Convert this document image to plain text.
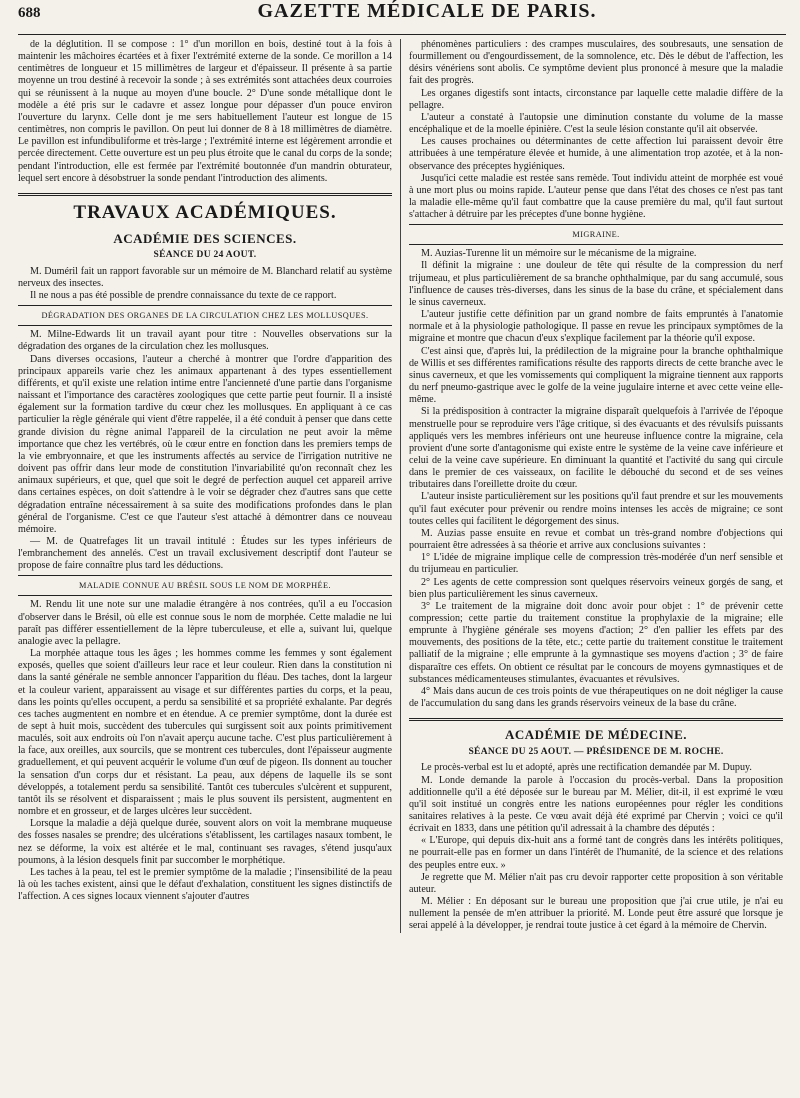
688	GAZETTE MÉDICALE DE PARIS.

de la déglutition. Il se compose : 1° d'un morillon en bois, destiné tout à la fois à maintenir les mâchoires écartées et à fixer l'extrémité externe de la sonde. Ce morillon a 14 centimètres de longueur et 15 millimètres de largeur et d'épaisseur. Il présente à sa partie moyenne un trou destiné à recevoir la sonde ; à ses extrémités sont attachées deux courroies qui se réunissent à la nuque au moyen d'une boucle. 2° D'une sonde métallique dont le modèle a été pris sur le cadavre et assez longue pour dépasser d'un pouce environ l'ouverture du larynx. Celle dont je me sers habituellement l'auteur est longue de 15 centimètres, non compris le pavillon. On peut lui donner de 8 à 18 millimètres de diamètre. Le pavillon est infundibuliforme et très-large ; l'extrémité interne est légèrement arrondie et percée directement. Cette ouverture est un peu plus étroite que le canal du corps de la sonde; pendant l'introduction, elle est fermée par l'extrémité boutonnée d'un mandrin obturateur, lequel sert encore à désobstruer la sonde pendant l'introduction des aliments.

TRAVAUX ACADÉMIQUES.
ACADÉMIE DES SCIENCES.
SÉANCE DU 24 AOUT.

M. Duméril fait un rapport favorable sur un mémoire de M. Blanchard relatif au système nerveux des insectes.

Il ne nous a pas été possible de prendre connaissance du texte de ce rapport.

DÉGRADATION DES ORGANES DE LA CIRCULATION CHEZ LES MOLLUSQUES.

M. Milne-Edwards lit un travail ayant pour titre : Nouvelles observations sur la dégradation des organes de la circulation chez les mollusques.

Dans diverses occasions, l'auteur a cherché à montrer que l'ordre d'apparition des principaux appareils varie chez les animaux appartenant à des types essentiellement différents, et qu'il existe une relation intime entre l'ancienneté d'une partie dans l'organisme naissant et l'importance des caractères zoologiques que cette partie peut fournir. Il a insisté également sur la formation tardive du cœur chez les mollusques. En appliquant à ce cas particulier la règle générale qui vient d'être rappelée, il a été conduit à penser que dans cette grande division du règne animal l'appareil de la circulation ne peut avoir la même importance que chez les vertébrés, où le cœur entre en fonction dans les premiers temps de la vie embryonnaire, et que les instruments affectés au service de l'irrigation nutritive ne doivent pas offrir dans leur mode de constitution l'invariabilité qu'on reconnaît chez les animaux supérieurs, et que, quel que soit le degré de perfection auquel cet appareil arrive dans certaines espèces, on doit s'attendre à le voir se dégrader chez d'autres sans que cette dégradation entraîne nécessairement à sa suite des modifications profondes dans le plan général de l'organisme. C'est ce que l'auteur s'est attaché à démontrer dans ce nouveau mémoire.

— M. de Quatrefages lit un travail intitulé : Études sur les types inférieurs de l'embranchement des annelés. C'est un travail exclusivement descriptif dont l'auteur se propose de faire connaître plus tard les déductions.

MALADIE CONNUE AU BRÉSIL SOUS LE NOM DE MORPHÉE.

M. Rendu lit une note sur une maladie étrangère à nos contrées, qu'il a eu l'occasion d'observer dans le Brésil, où elle est connue sous le nom de morphée. Cette maladie ne lui paraît pas différer essentiellement de la lèpre tuberculeuse, et elle a, suivant lui, quelque analogie avec la pellagre.

La morphée attaque tous les âges ; les hommes comme les femmes y sont également exposés, quelles que soient d'ailleurs leur race et leur couleur. Rien dans la constitution ni dans la santé générale ne semble annoncer l'apparition du fléau. Des taches, dont la largeur et la couleur varient, apparaissent au visage et sur différentes parties du corps, et la peau, dans les points qu'elles occupent, a perdu sa sensibilité et sa propriété exhalante. Par degrés ces taches augmentent en nombre et en étendue. A ce premier symptôme, dont la durée est de sept à huit mois, succèdent des tubercules qui surgissent soit aux points primitivement maculés, soit aux endroits où l'on n'avait aperçu aucune tache. C'est plus particulièrement à la face, aux oreilles, aux sourcils, que se montrent ces tubercules, dont l'épaisseur augmente graduellement, et qui peuvent acquérir le volume d'un œuf de pigeon. Ils donnent au toucher la sensation d'un corps dur et résistant. La peau, aux dépens de laquelle ils se sont développés, a totalement perdu sa sensibilité. Tantôt ces tubercules s'ulcèrent et suppurent, tantôt ils se résolvent et disparaissent ; mais le plus souvent ils persistent, augmentent en nombre et en grosseur, et de larges ulcères leur succèdent.

Lorsque la maladie a déjà quelque durée, souvent alors on voit la membrane muqueuse des fosses nasales se prendre; des ulcérations s'établissent, les cartilages nasaux tombent, le nez se déforme, la voix est altérée et le mal, continuant ses ravages, s'étend jusqu'aux poumons, à la lésion desquels finit par succomber le morphétique.

Les taches à la peau, tel est le premier symptôme de la maladie ; l'insensibilité de la peau là où les taches existent, ainsi que le défaut d'exhalation, constituent les signes distinctifs de l'affection. A ces signes locaux viennent s'ajouter d'autres

phénomènes particuliers : des crampes musculaires, des soubresauts, une sensation de fourmillement ou d'engourdissement, de la somnolence, etc. Dès le début de l'affection, les désirs vénériens sont abolis. Ce symptôme devient plus prononcé à mesure que la maladie fait des progrès.

Les organes digestifs sont intacts, circonstance par laquelle cette maladie diffère de la pellagre.

L'auteur a constaté à l'autopsie une diminution constante du volume de la masse encéphalique et de la moelle épinière. C'est la seule lésion constante qu'il ait observée.

Les causes prochaines ou déterminantes de cette affection lui paraissent devoir être attribuées à une température élevée et humide, à une alimentation trop azotée, et à la non-observance des préceptes hygiéniques.

Jusqu'ici cette maladie est restée sans remède. Tout individu atteint de morphée est voué à une mort plus ou moins rapide. L'auteur pense que dans l'état des choses ce n'est pas tant la maladie elle-même qu'il faut combattre que la cause première du mal, qu'il faut surtout s'attacher à détruire par les préceptes d'une bonne hygiène.

MIGRAINE.

M. Auzias-Turenne lit un mémoire sur le mécanisme de la migraine.

Il définit la migraine : une douleur de tête qui résulte de la compression du nerf trijumeau, et plus particulièrement de sa branche ophthalmique, par du sang accumulé, sous l'influence de causes très-diverses, dans les sinus de la base du crâne, et spécialement dans le sinus caverneux.

L'auteur justifie cette définition par un grand nombre de faits empruntés à l'anatomie normale et à la physiologie pathologique. Il passe en revue les principaux symptômes de la migraine et montre que chacun d'eux s'explique facilement par la théorie qu'il expose.

C'est ainsi que, d'après lui, la prédilection de la migraine pour la branche ophthalmique de Willis et ses différentes ramifications résulte des rapports directs de cette branche avec le sinus caverneux, et que les vomissements qui compliquent la migraine tiennent aux rapports du nerf pneumo-gastrique avec le golfe de la veine jugulaire interne et avec cette veine elle-même.

Si la prédisposition à contracter la migraine disparaît quelquefois à l'arrivée de l'époque menstruelle pour se reproduire vers l'âge critique, si des évacuants et des révulsifs puissants appliqués vers les membres inférieurs ont une heureuse influence contre la migraine, cela provient d'une sorte d'antagonisme qui existe entre le système de la veine cave inférieure et celui de la veine cave supérieure. En diminuant la quantité et l'activité du sang qui circule dans le premier de ces vaisseaux, on facilite le débouché du second et de ses veines tributaires dans l'oreillette droite du cœur.

L'auteur insiste particulièrement sur les positions qu'il faut prendre et sur les mouvements qu'il faut exécuter pour prévenir ou rendre moins intenses les accès de migraine; ce sont toutes celles qui facilitent le dégorgement des sinus.

M. Auzias passe ensuite en revue et combat un très-grand nombre d'objections qui pourraient être adressées à sa théorie et arrive aux conclusions suivantes :

1° L'idée de migraine implique celle de compression très-modérée d'un nerf sensible et du trijumeau en particulier.

2° Les agents de cette compression sont quelques réservoirs veineux gorgés de sang, et bien plus particulièrement les sinus caverneux.

3° Le traitement de la migraine doit donc avoir pour objet : 1° de prévenir cette compression; cette partie du traitement constitue la prophylaxie de la migraine; elle emprunte à l'hygiène générale ses moyens d'action; 2° d'en pallier les effets par des mouvements, des positions de la tête, etc.; cette partie du traitement constitue le traitement palliatif de la migraine ; elle emprunte à la gymnastique ses moyens d'action ; 3° de faire disparaître ces effets. On obtient ce résultat par le concours de moyens gymnastiques et de substances médicamenteuses stimulantes, évacuantes et révulsives.

4° Mais dans aucun de ces trois points de vue thérapeutiques on ne doit négliger la cause de l'accumulation du sang dans les grands réservoirs veineux de la base du crâne.

ACADÉMIE DE MÉDECINE.
SÉANCE DU 25 AOUT. — PRÉSIDENCE DE M. ROCHE.

Le procès-verbal est lu et adopté, après une rectification demandée par M. Dupuy.

M. Londe demande la parole à l'occasion du procès-verbal. Dans la proposition additionnelle qu'il a été déposée sur le bureau par M. Mélier, dit-il, il est exprimé le vœu qu'il soit institué un congrès entre les nations européennes pour régler les conditions sanitaires relatives à la peste. Ce vœu avait déjà été exprimé par Chervin ; voici ce qu'il écrivait en 1833, dans une pétition qu'il adressait à la chambre des députés :

« L'Europe, qui depuis dix-huit ans a formé tant de congrès dans les intérêts politiques, ne pourrait-elle pas en former un dans l'intérêt de l'humanité, de la science et des relations des peuples entre eux. »

Je regrette que M. Mélier n'ait pas cru devoir rapporter cette proposition à son véritable auteur.

M. Mélier : En déposant sur le bureau une proposition que j'ai crue utile, je n'ai eu nullement la pensée de m'en attribuer la priorité. M. Londe peut être assuré que lorsque je serai appelé à la développer, je rendrai toute justice à cet égard à la mémoire de Chervin.
